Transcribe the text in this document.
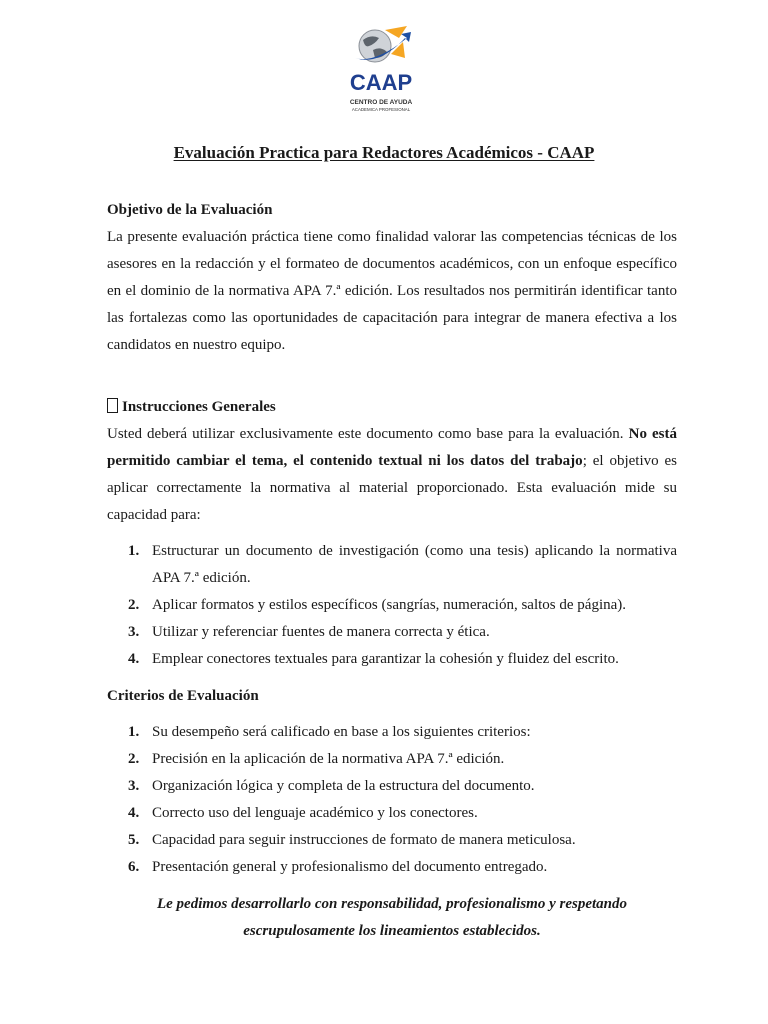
CAAP
CENTRO DE AYUDA
ACADEMICA PROFESIONAL
Evaluación Practica para Redactores Académicos - CAAP
Objetivo de la Evaluación

La presente evaluación práctica tiene como finalidad valorar las competencias técnicas de los asesores en la redacción y el formateo de documentos académicos, con un enfoque específico en el dominio de la normativa APA 7.ª edición. Los resultados nos permitirán identificar tanto las fortalezas como las oportunidades de capacitación para integrar de manera efectiva a los candidatos en nuestro equipo.

Instrucciones Generales

Usted deberá utilizar exclusivamente este documento como base para la evaluación. No está permitido cambiar el tema, el contenido textual ni los datos del trabajo; el objetivo es aplicar correctamente la normativa al material proporcionado. Esta evaluación mide su capacidad para:

1. Estructurar un documento de investigación (como una tesis) aplicando la normativa APA 7.ª edición.
2. Aplicar formatos y estilos específicos (sangrías, numeración, saltos de página).
3. Utilizar y referenciar fuentes de manera correcta y ética.
4. Emplear conectores textuales para garantizar la cohesión y fluidez del escrito.
Criterios de Evaluación
1. Su desempeño será calificado en base a los siguientes criterios:
2. Precisión en la aplicación de la normativa APA 7.ª edición.
3. Organización lógica y completa de la estructura del documento.
4. Correcto uso del lenguaje académico y los conectores.
5. Capacidad para seguir instrucciones de formato de manera meticulosa.
6. Presentación general y profesionalismo del documento entregado.
Le pedimos desarrollarlo con responsabilidad, profesionalismo y respetando
escrupulosamente los lineamientos establecidos.
